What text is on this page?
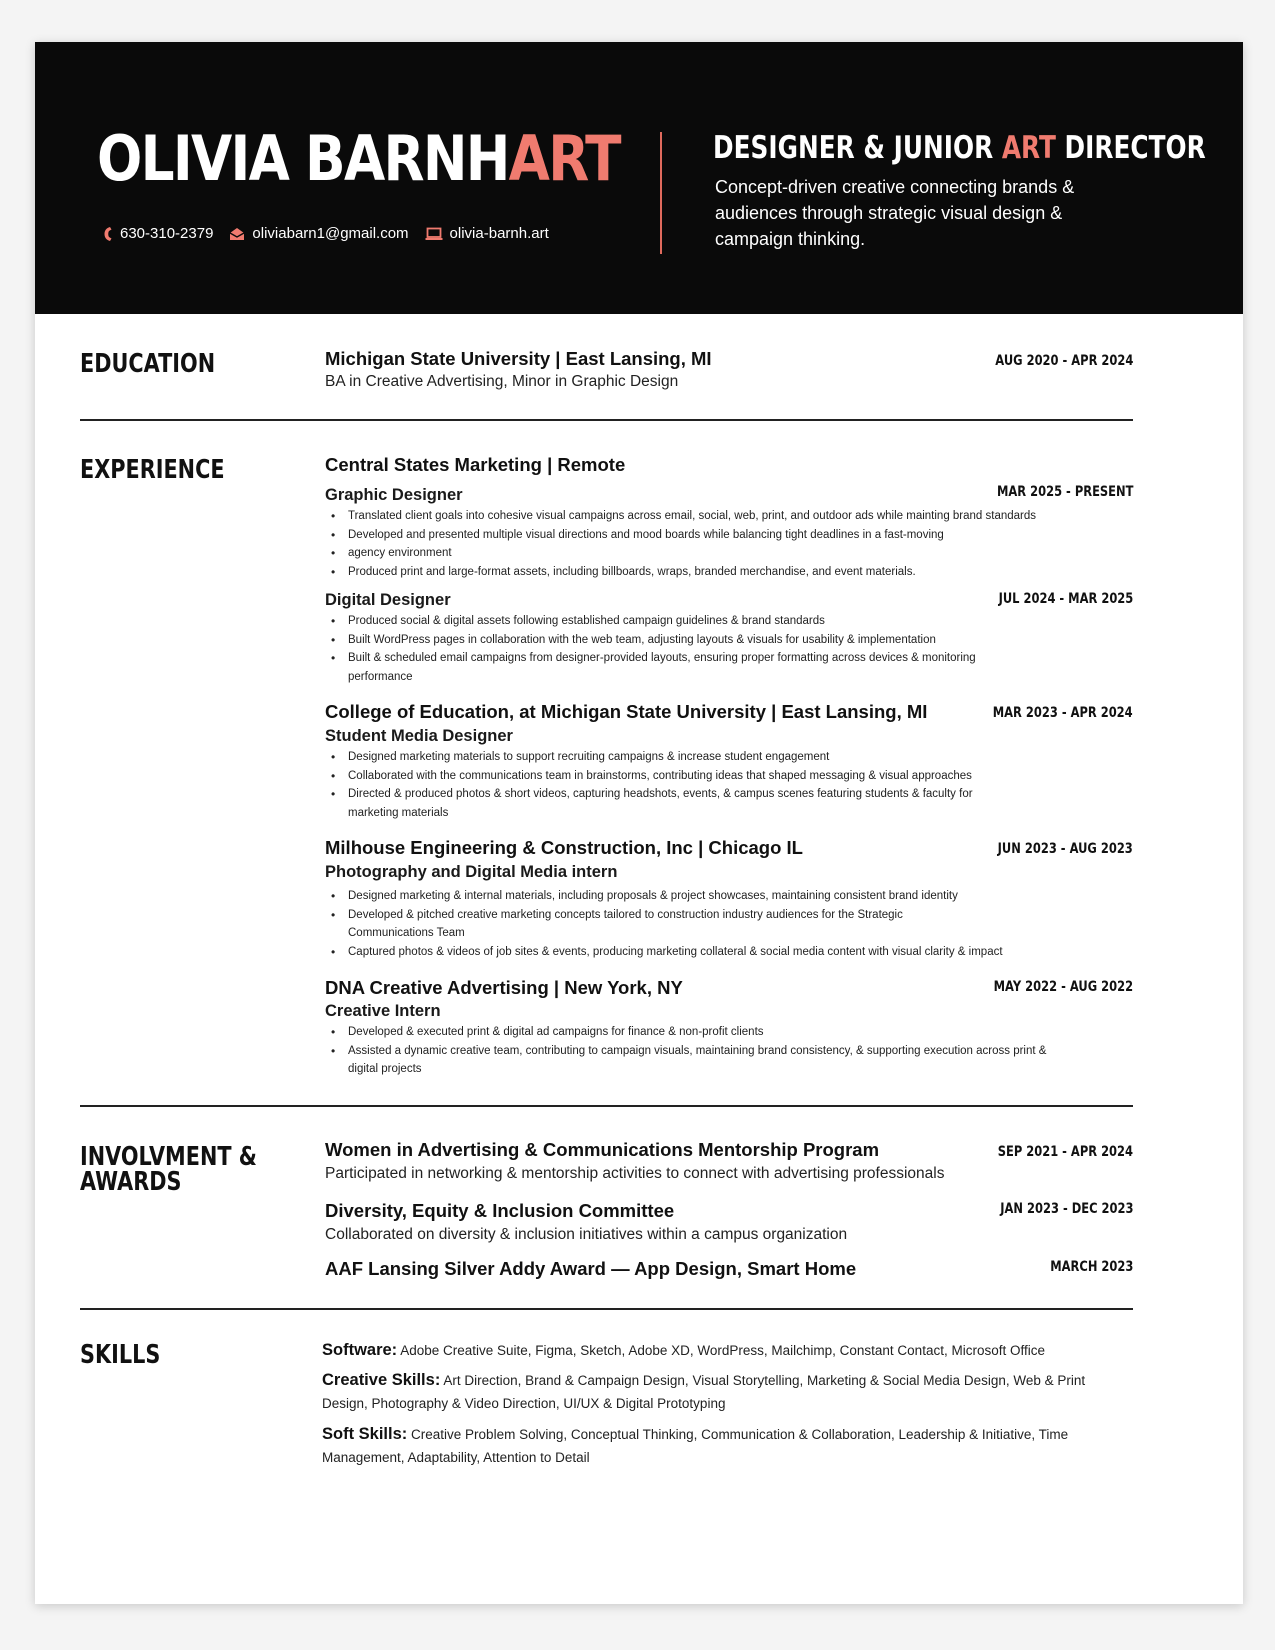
OLIVIA BARNHART
630-310-2379	oliviabarn1@gmail.com	olivia-barnh.art
DESIGNER & JUNIOR ART DIRECTOR

Concept-driven creative connecting brands & audiences through strategic visual design & campaign thinking.

EDUCATION	Michigan State University | East Lansing, MI	AUG 2020 - APR 2024
BA in Creative Advertising, Minor in Graphic Design
EXPERIENCE	Central States Marketing | Remote
Graphic Designer	MAR 2025 - PRESENT
• Translated client goals into cohesive visual campaigns across email, social, web, print, and outdoor ads while mainting brand standards
• Developed and presented multiple visual directions and mood boards while balancing tight deadlines in a fast-moving
• agency environment
• Produced print and large-format assets, including billboards, wraps, branded merchandise, and event materials.
Digital Designer	JUL 2024 - MAR 2025
• Produced social & digital assets following established campaign guidelines & brand standards
• Built WordPress pages in collaboration with the web team, adjusting layouts & visuals for usability & implementation
• Built & scheduled email campaigns from designer-provided layouts, ensuring proper formatting across devices & monitoring performance
College of Education, at Michigan State University | East Lansing, MI	MAR 2023 - APR 2024
Student Media Designer
• Designed marketing materials to support recruiting campaigns & increase student engagement
• Collaborated with the communications team in brainstorms, contributing ideas that shaped messaging & visual approaches
• Directed & produced photos & short videos, capturing headshots, events, & campus scenes featuring students & faculty for marketing materials
Milhouse Engineering & Construction, Inc | Chicago IL	JUN 2023 - AUG 2023
Photography and Digital Media intern
• Designed marketing & internal materials, including proposals & project showcases, maintaining consistent brand identity
• Developed & pitched creative marketing concepts tailored to construction industry audiences for the Strategic Communications Team
• Captured photos & videos of job sites & events, producing marketing collateral & social media content with visual clarity & impact
DNA Creative Advertising | New York, NY	MAY 2022 - AUG 2022
Creative Intern
• Developed & executed print & digital ad campaigns for finance & non-profit clients
• Assisted a dynamic creative team, contributing to campaign visuals, maintaining brand consistency, & supporting execution across print & digital projects
INVOLVMENT &
AWARDS
Women in Advertising & Communications Mentorship Program	SEP 2021 - APR 2024
Participated in networking & mentorship activities to connect with advertising professionals
Diversity, Equity & Inclusion Committee	JAN 2023 - DEC 2023
Collaborated on diversity & inclusion initiatives within a campus organization
AAF Lansing Silver Addy Award — App Design, Smart Home	MARCH 2023
SKILLS	Software: Adobe Creative Suite, Figma, Sketch, Adobe XD, WordPress, Mailchimp, Constant Contact, Microsoft Office

Creative Skills: Art Direction, Brand & Campaign Design, Visual Storytelling, Marketing & Social Media Design, Web & Print Design, Photography & Video Direction, UI/UX & Digital Prototyping

Soft Skills: Creative Problem Solving, Conceptual Thinking, Communication & Collaboration, Leadership & Initiative, Time Management, Adaptability, Attention to Detail
